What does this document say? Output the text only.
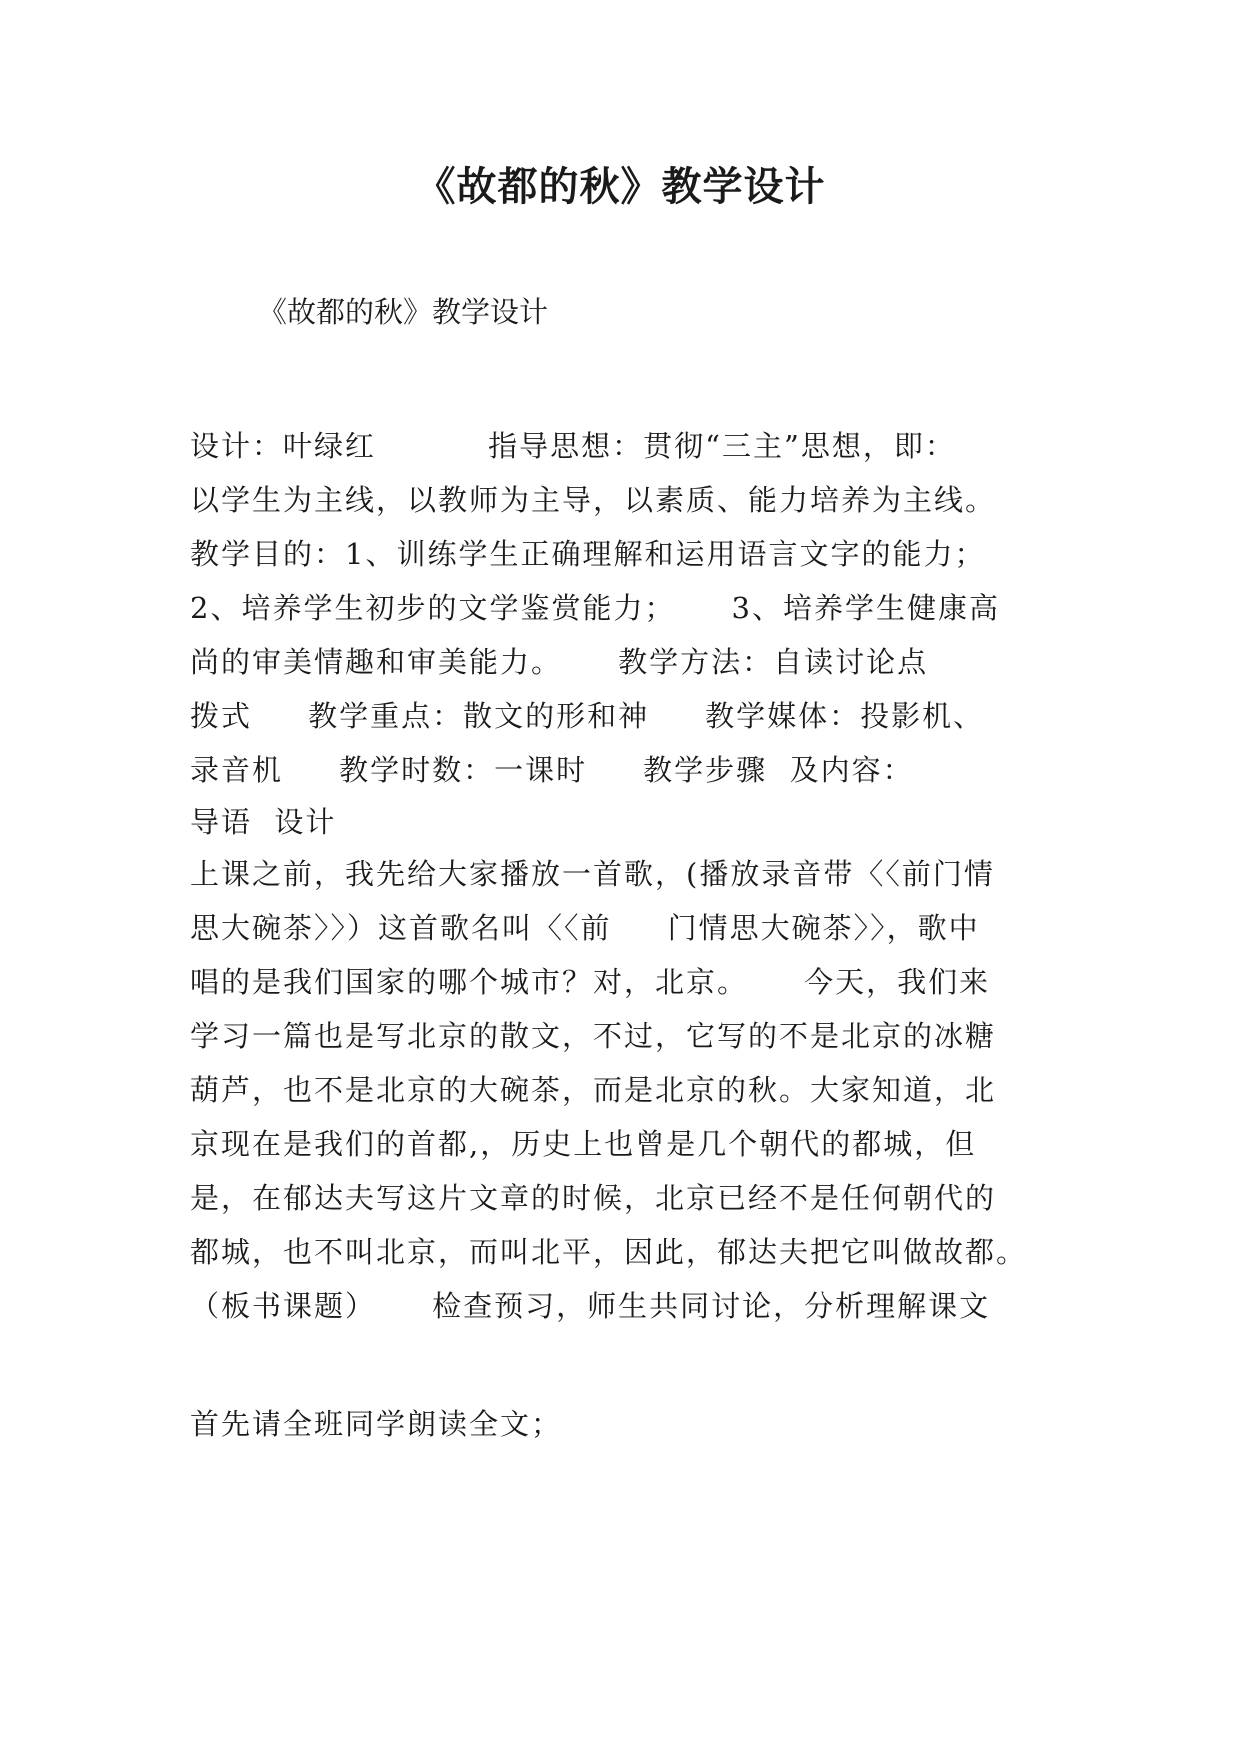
《故都的秋》教学设计

《故都的秋》教学设计

设计：叶绿红          指导思想：贯彻“三主”思想，即：

以学生为主线，以教师为主导，以素质、能力培养为主线。

教学目的：1、训练学生正确理解和运用语言文字的能力；

2、培养学生初步的文学鉴赏能力；     3、培养学生健康高

尚的审美情趣和审美能力。     教学方法：自读讨论点

拨式     教学重点：散文的形和神     教学媒体：投影机、

录音机     教学时数：一课时     教学步骤  及内容：

导语  设计

上课之前，我先给大家播放一首歌，(播放录音带〈〈前门情

思大碗茶〉〉）这首歌名叫〈〈前     门情思大碗茶〉〉，歌中

唱的是我们国家的哪个城市？对，北京。     今天，我们来

学习一篇也是写北京的散文，不过，它写的不是北京的冰糖

葫芦，也不是北京的大碗茶，而是北京的秋。大家知道，北

京现在是我们的首都,，历史上也曾是几个朝代的都城，但

是，在郁达夫写这片文章的时候，北京已经不是任何朝代的

都城，也不叫北京，而叫北平，因此，郁达夫把它叫做故都。

（板书课题）     检查预习，师生共同讨论，分析理解课文

首先请全班同学朗读全文；
